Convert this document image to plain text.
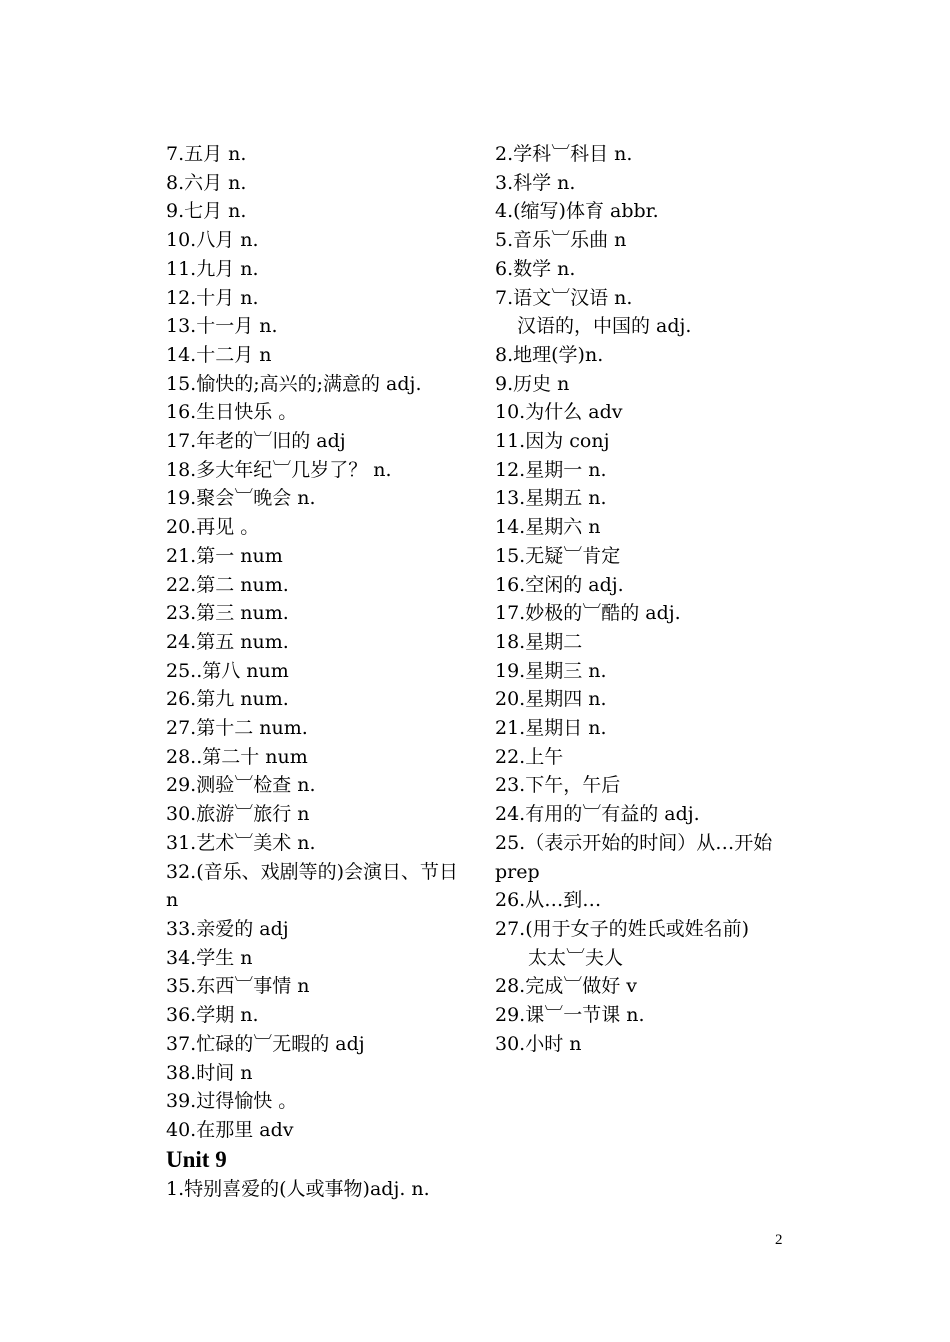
7.五月 n.
8.六月 n.
9.七月 n.
10.八月 n.
11.九月 n.
12.十月 n.
13.十一月 n.
14.十二月 n
15.愉快的;高兴的;满意的 adj.
16.生日快乐 。
17.年老的︺旧的 adj
18.多大年纪︺几岁了？ n.
19.聚会︺晚会 n.
20.再见 。
21.第一 num
22.第二 num.
23.第三 num.
24.第五 num.
25..第八 num
26.第九 num.
27.第十二 num.
28..第二十 num
29.测验︺检查 n.
30.旅游︺旅行 n
31.艺术︺美术 n.
32.(音乐、戏剧等的)会演日、节日 n
33.亲爱的 adj
34.学生 n
35.东西︺事情 n
36.学期 n.
37.忙碌的︺无暇的 adj
38.时间 n
39.过得愉快 。
40.在那里 adv
Unit 9
1.特别喜爱的(人或事物)adj. n.
2.学科︺科目 n.
3.科学 n.
4.(缩写)体育 abbr.
5.音乐︺乐曲 n
6.数学 n.
7.语文︺汉语 n.
汉语的，中国的 adj.
8.地理(学)n.
9.历史 n
10.为什么 adv
11.因为 conj
12.星期一 n.
13.星期五 n.
14.星期六 n
15.无疑︺肯定
16.空闲的 adj.
17.妙极的︺酷的 adj.
18.星期二
19.星期三 n.
20.星期四 n.
21.星期日 n.
22.上午
23.下午，午后
24.有用的︺有益的 adj.
25.（表示开始的时间）从…开始 prep
26.从…到…
27.(用于女子的姓氏或姓名前)
太太︺夫人
28.完成︺做好 v
29.课︺一节课 n.
30.小时 n
2
